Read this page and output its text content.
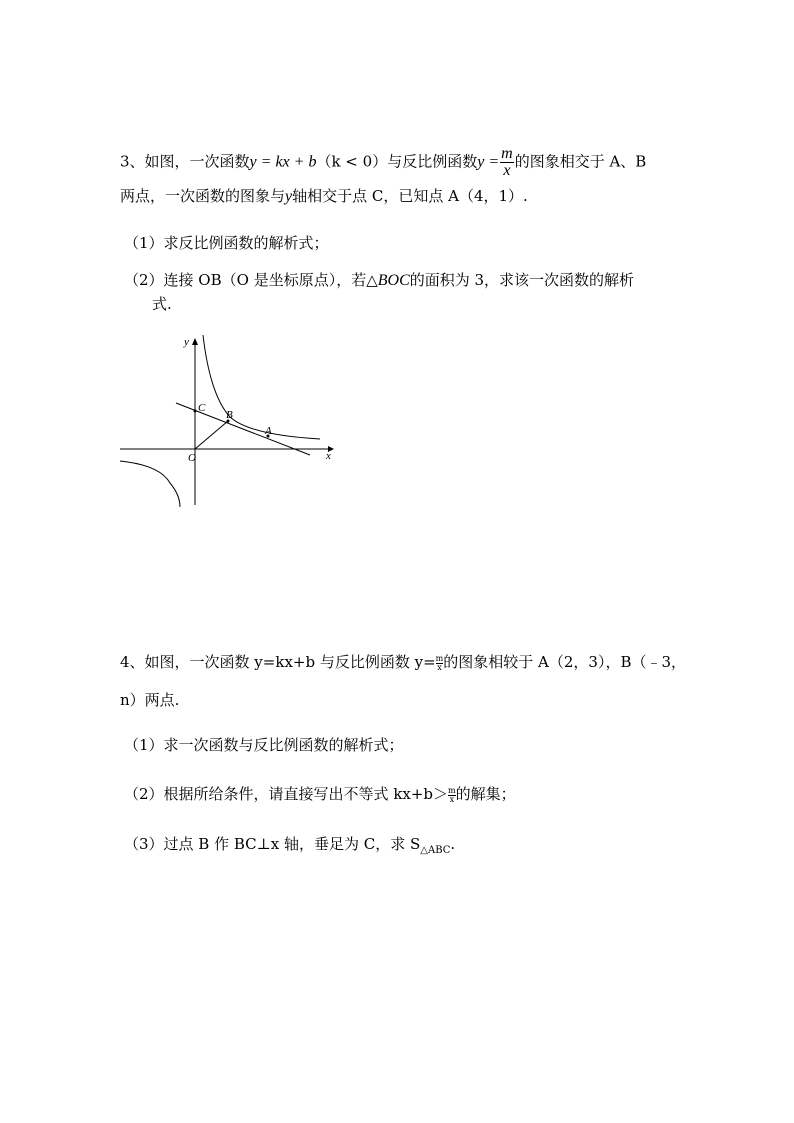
3、如图，一次函数y = kx + b（k < 0）与反比例函数$y = \frac{m}{x}$ 的图象相交于 A、B
两点，一次函数的图象与y轴相交于点 C，已知点 A（4，1）.
（1）求反比例函数的解析式；
（2）连接 OB（O 是坐标原点），若△BOC的面积为 3，求该一次函数的解析
式.
y
x
O
C
B
A
4、如图，一次函数 y=kx+b 与反比例函数 $y= \frac{m}{x}$ 的图象相较于 A（2，3），B（﹣3，
n）两点.
（1）求一次函数与反比例函数的解析式；
（2）根据所给条件，请直接写出不等式 $kx+b> \frac{m}{x}$ 的解集；
（3）过点 B 作 BC⊥x 轴，垂足为 C，求 $S_{\triangle ABC}$.
